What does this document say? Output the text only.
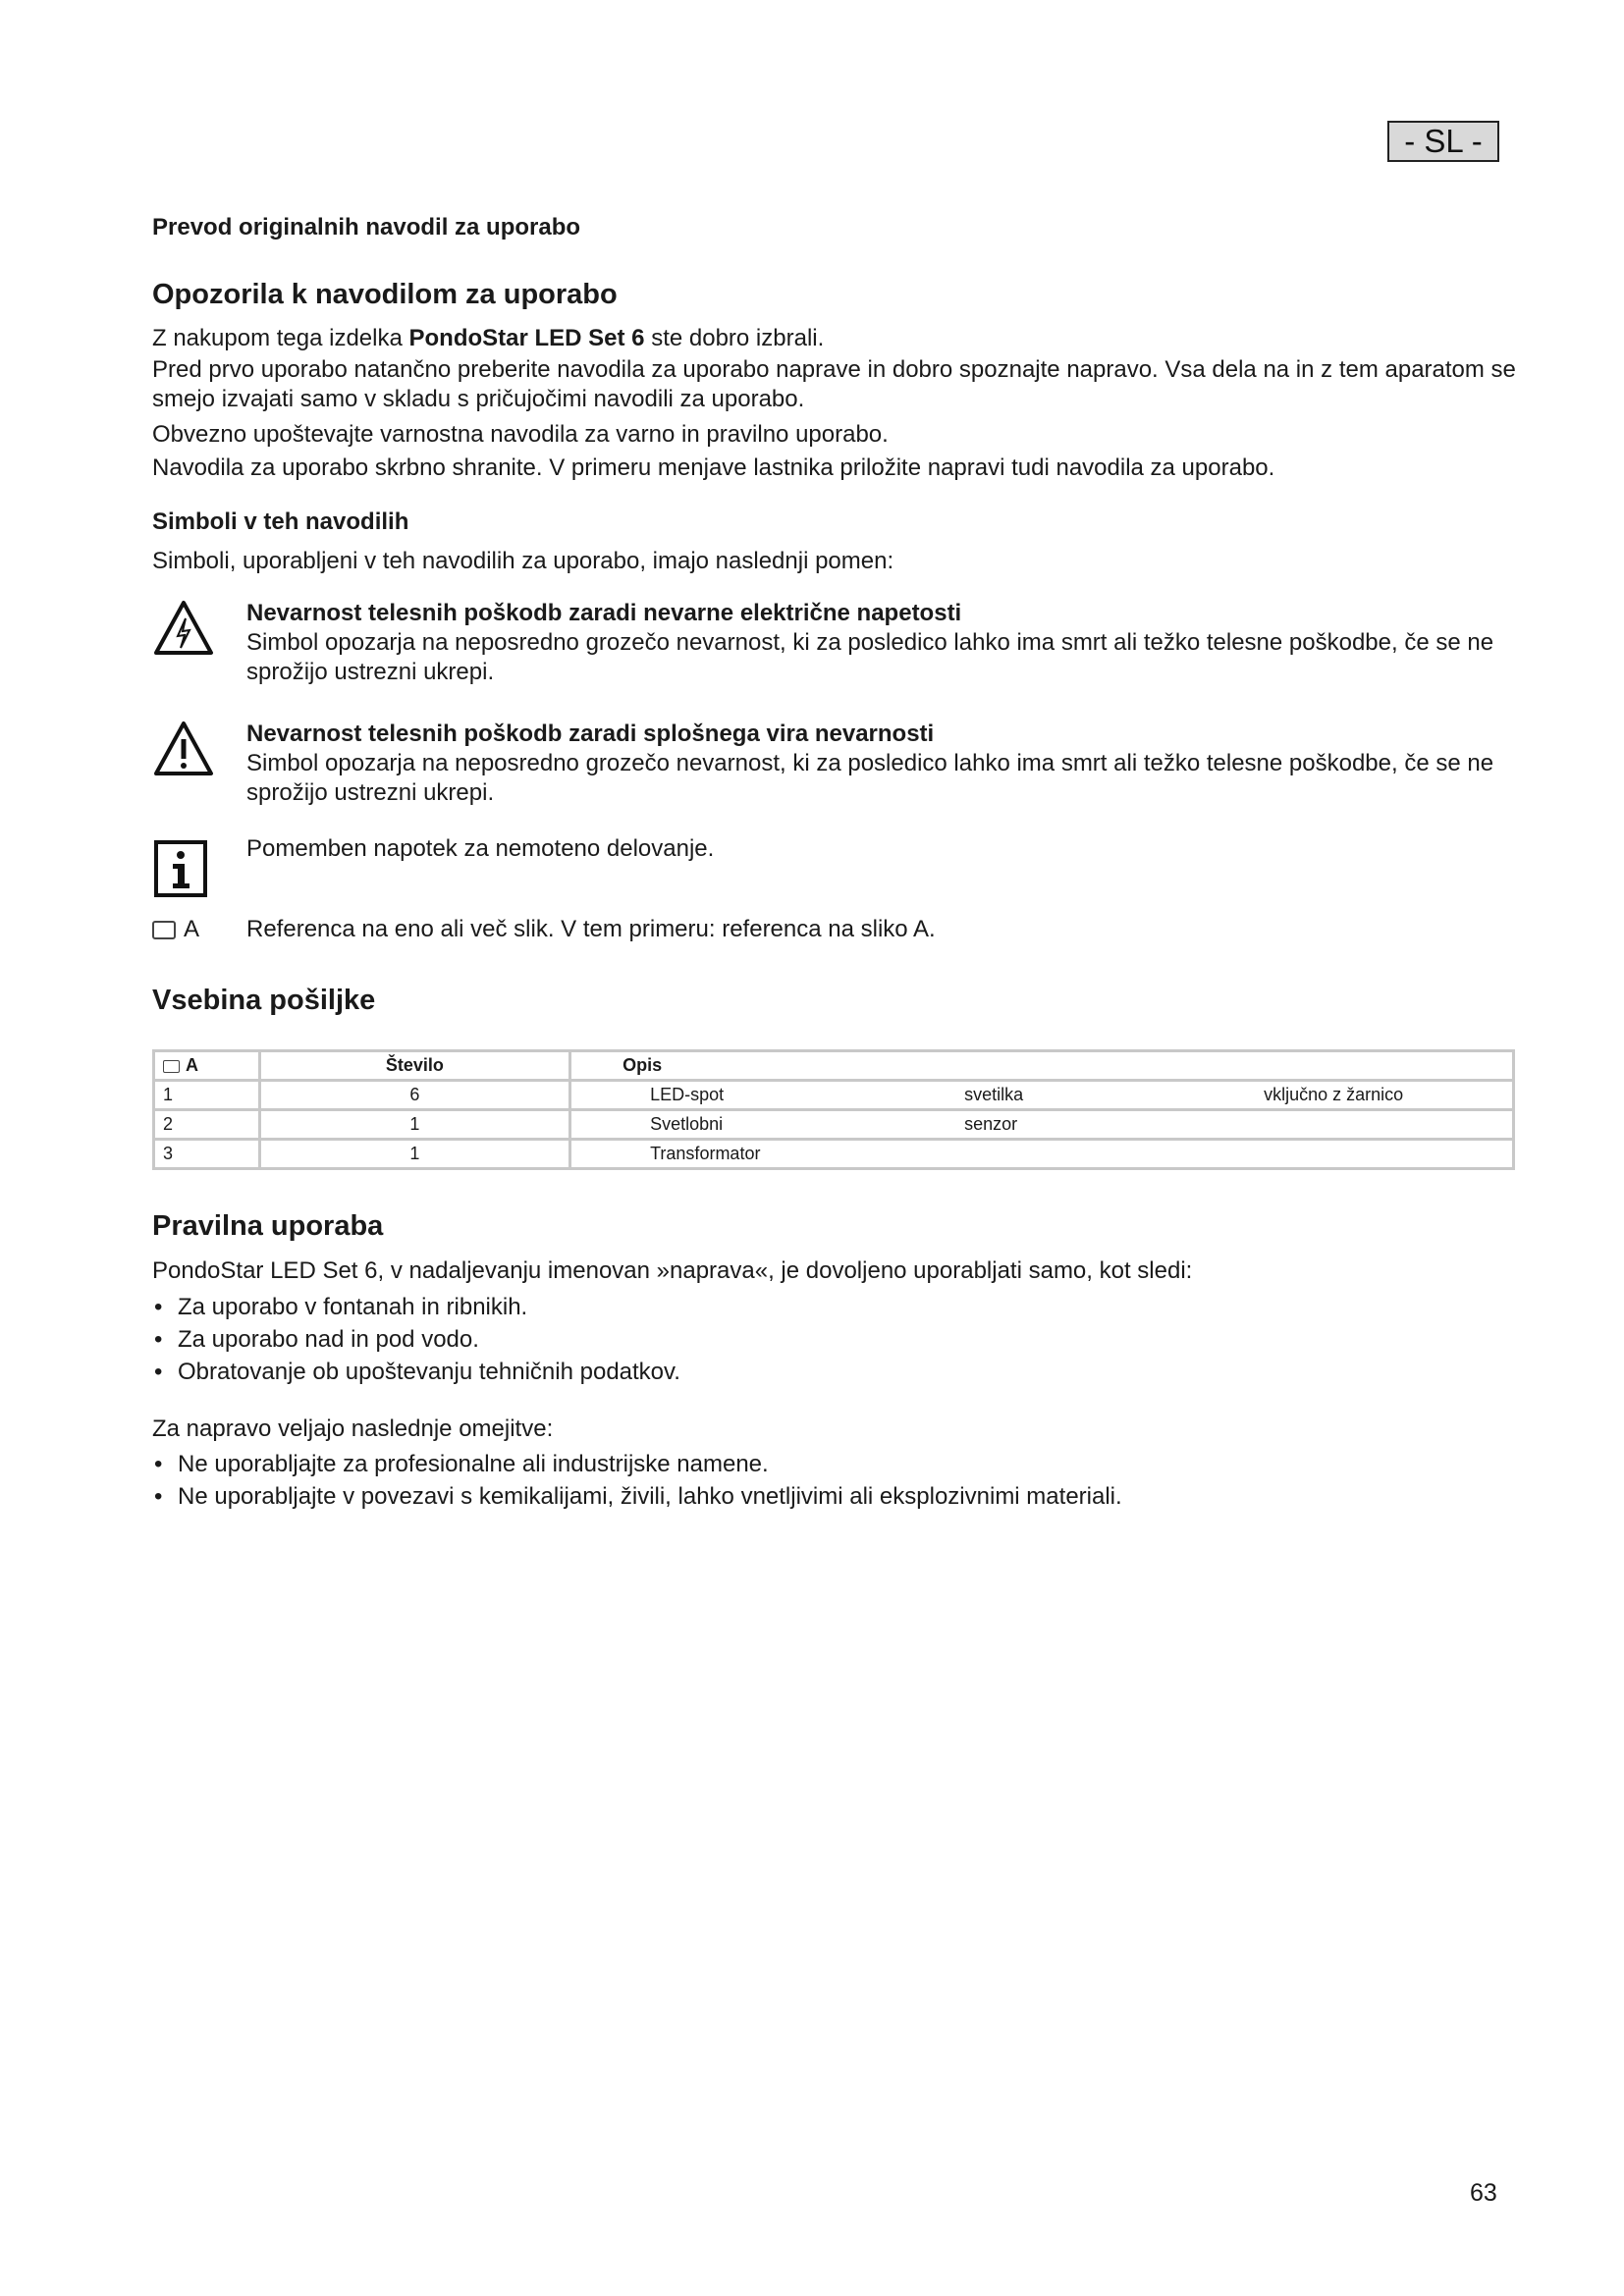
- SL -
Prevod originalnih navodil za uporabo
Opozorila k navodilom za uporabo
Z nakupom tega izdelka PondoStar LED Set 6 ste dobro izbrali.
Pred prvo uporabo natančno preberite navodila za uporabo naprave in dobro spoznajte napravo. Vsa dela na in z tem aparatom se smejo izvajati samo v skladu s pričujočimi navodili za uporabo.
Obvezno upoštevajte varnostna navodila za varno in pravilno uporabo.
Navodila za uporabo skrbno shranite. V primeru menjave lastnika priložite napravi tudi navodila za uporabo.
Simboli v teh navodilih
Simboli, uporabljeni v teh navodilih za uporabo, imajo naslednji pomen:
Nevarnost telesnih poškodb zaradi nevarne električne napetosti
Simbol opozarja na neposredno grozečo nevarnost, ki za posledico lahko ima smrt ali težko telesne poškodbe, če se ne sprožijo ustrezni ukrepi.
Nevarnost telesnih poškodb zaradi splošnega vira nevarnosti
Simbol opozarja na neposredno grozečo nevarnost, ki za posledico lahko ima smrt ali težko telesne poškodbe, če se ne sprožijo ustrezni ukrepi.
Pomemben napotek za nemoteno delovanje.
A Referenca na eno ali več slik. V tem primeru: referenca na sliko A.
Vsebina pošiljke
A	Število	Opis
1	6	LED-spot svetilka vključno z žarnico

2	1	Svetlobni senzor

3	1	Transformator
Pravilna uporaba
PondoStar LED Set 6, v nadaljevanju imenovan »naprava«, je dovoljeno uporabljati samo, kot sledi:
• Za uporabo v fontanah in ribnikih.
• Za uporabo nad in pod vodo.
• Obratovanje ob upoštevanju tehničnih podatkov.
Za napravo veljajo naslednje omejitve:
• Ne uporabljajte za profesionalne ali industrijske namene.
• Ne uporabljajte v povezavi s kemikalijami, živili, lahko vnetljivimi ali eksplozivnimi materiali.
63
